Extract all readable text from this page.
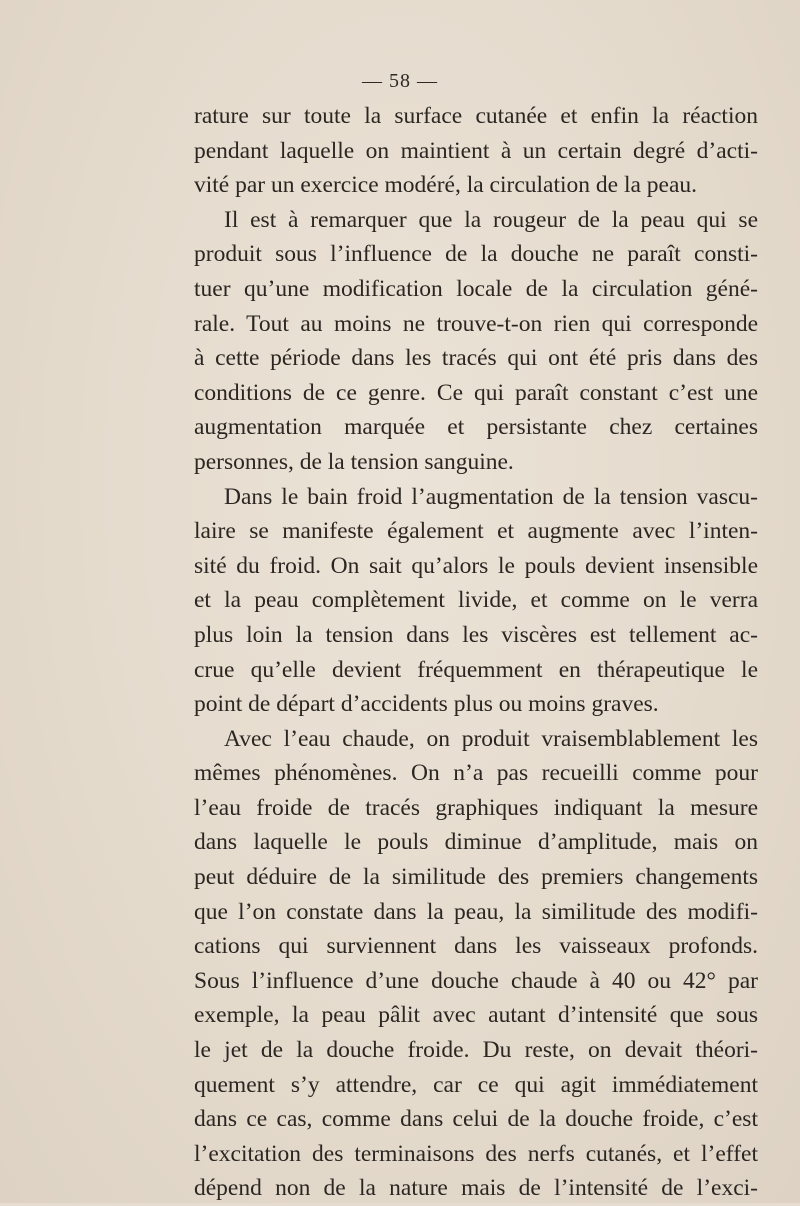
— 58 —
rature sur toute la surface cutanée et enfin la réaction
pendant laquelle on maintient à un certain degré d’acti-
vité par un exercice modéré, la circulation de la peau.
Il est à remarquer que la rougeur de la peau qui se
produit sous l’influence de la douche ne paraît consti-
tuer qu’une modification locale de la circulation géné-
rale. Tout au moins ne trouve-t-on rien qui corresponde
à cette période dans les tracés qui ont été pris dans des
conditions de ce genre. Ce qui paraît constant c’est une
augmentation marquée et persistante chez certaines
personnes, de la tension sanguine.
Dans le bain froid l’augmentation de la tension vascu-
laire se manifeste également et augmente avec l’inten-
sité du froid. On sait qu’alors le pouls devient insensible
et la peau complètement livide, et comme on le verra
plus loin la tension dans les viscères est tellement ac-
crue qu’elle devient fréquemment en thérapeutique le
point de départ d’accidents plus ou moins graves.
Avec l’eau chaude, on produit vraisemblablement les
mêmes phénomènes. On n’a pas recueilli comme pour
l’eau froide de tracés graphiques indiquant la mesure
dans laquelle le pouls diminue d’amplitude, mais on
peut déduire de la similitude des premiers changements
que l’on constate dans la peau, la similitude des modifi-
cations qui surviennent dans les vaisseaux profonds.
Sous l’influence d’une douche chaude à 40 ou 42° par
exemple, la peau pâlit avec autant d’intensité que sous
le jet de la douche froide. Du reste, on devait théori-
quement s’y attendre, car ce qui agit immédiatement
dans ce cas, comme dans celui de la douche froide, c’est
l’excitation des terminaisons des nerfs cutanés, et l’effet
dépend non de la nature mais de l’intensité de l’exci-
